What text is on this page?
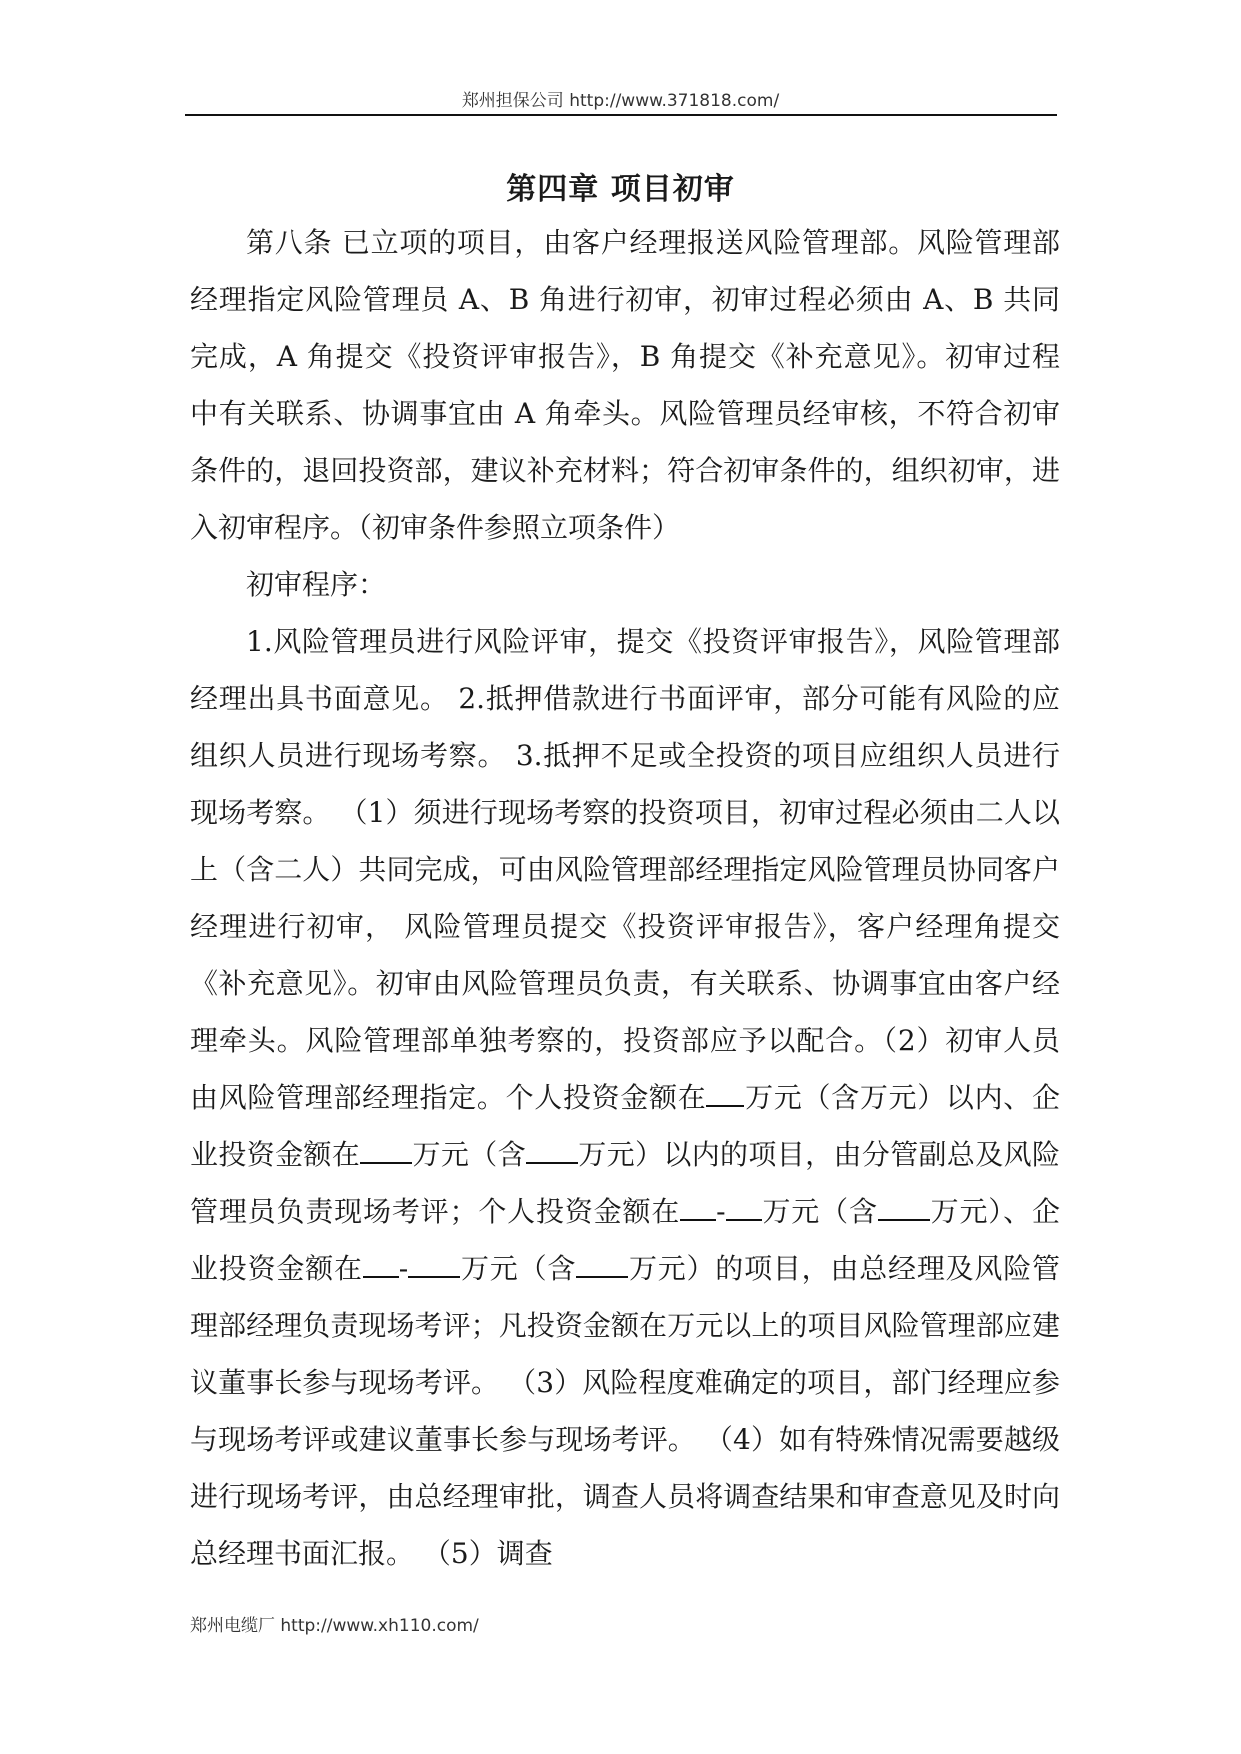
郑州担保公司 http://www.371818.com/
第四章 项目初审

第八条 已立项的项目，由客户经理报送风险管理部。风险管理部经理指定风险管理员 A、B 角进行初审，初审过程必须由 A、B 共同完成，A 角提交《投资评审报告》，B 角提交《补充意见》。初审过程中有关联系、协调事宜由 A 角牵头。风险管理员经审核，不符合初审条件的，退回投资部，建议补充材料；符合初审条件的，组织初审，进入初审程序。（初审条件参照立项条件）

初审程序：

1.风险管理员进行风险评审，提交《投资评审报告》，风险管理部经理出具书面意见。 2.抵押借款进行书面评审，部分可能有风险的应组织人员进行现场考察。 3.抵押不足或全投资的项目应组织人员进行现场考察。 （1）须进行现场考察的投资项目，初审过程必须由二人以上（含二人）共同完成，可由风险管理部经理指定风险管理员协同客户经理进行初审， 风险管理员提交《投资评审报告》，客户经理角提交《补充意见》。初审由风险管理员负责，有关联系、协调事宜由客户经理牵头。风险管理部单独考察的，投资部应予以配合。（2）初审人员由风险管理部经理指定。个人投资金额在 万元（含万元）以内、企业投资金额在 万元（含 万元）以内的项目，由分管副总及风险管理员负责现场考评；个人投资金额在 - 万元（含 万元）、企业投资金额在 - 万元（含 万元）的项目，由总经理及风险管理部经理负责现场考评；凡投资金额在万元以上的项目风险管理部应建议董事长参与现场考评。 （3）风险程度难确定的项目，部门经理应参与现场考评或建议董事长参与现场考评。 （4）如有特殊情况需要越级进行现场考评，由总经理审批，调查人员将调查结果和审查意见及时向总经理书面汇报。 （5）调查

郑州电缆厂 http://www.xh110.com/
